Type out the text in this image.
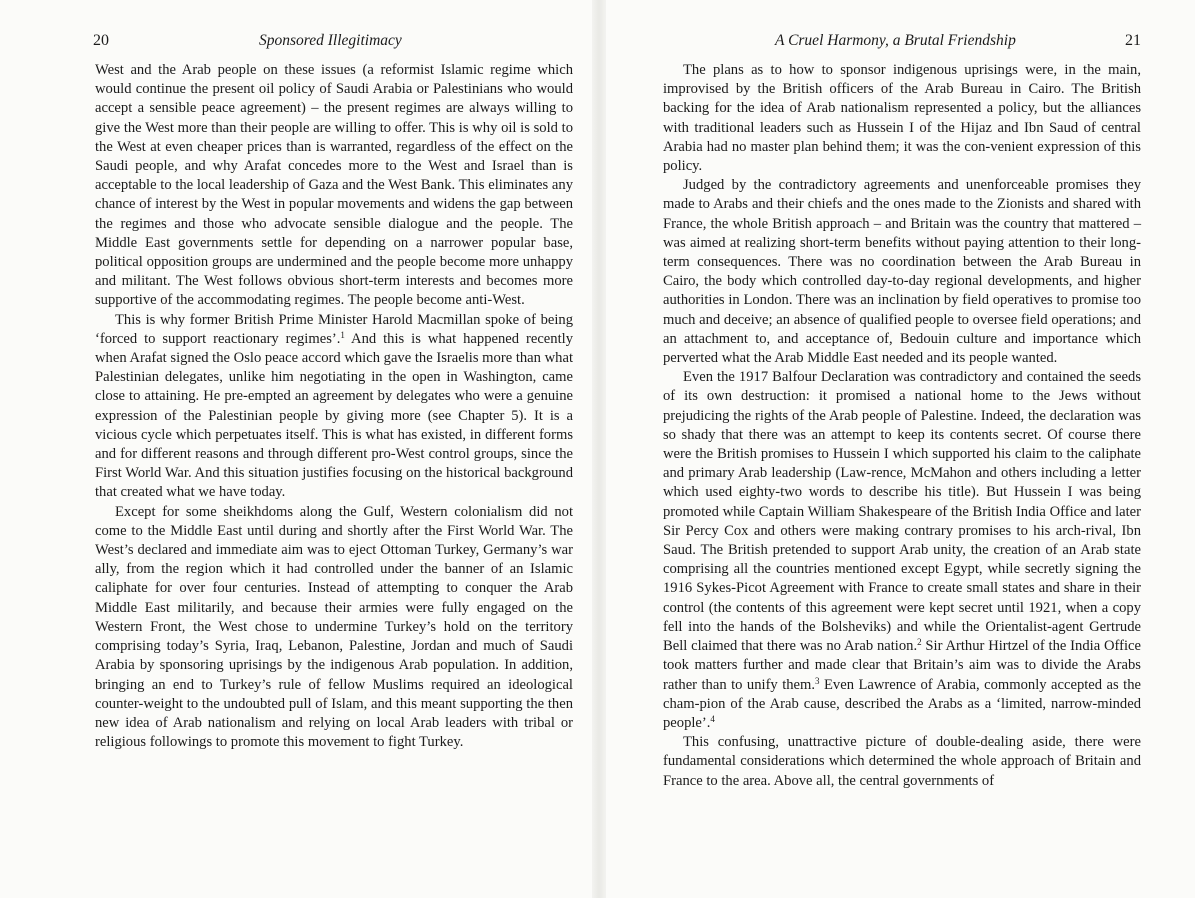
20	Sponsored Illegitimacy

West and the Arab people on these issues (a reformist Islamic regime which would continue the present oil policy of Saudi Arabia or Palestinians who would accept a sensible peace agreement) – the present regimes are always willing to give the West more than their people are willing to offer. This is why oil is sold to the West at even cheaper prices than is warranted, regardless of the effect on the Saudi people, and why Arafat concedes more to the West and Israel than is acceptable to the local leadership of Gaza and the West Bank. This eliminates any chance of interest by the West in popular movements and widens the gap between the regimes and those who advocate sensible dialogue and the people. The Middle East governments settle for depending on a narrower popular base, political opposition groups are undermined and the people become more unhappy and militant. The West follows obvious short-term interests and becomes more supportive of the accommodating regimes. The people become anti-West.

This is why former British Prime Minister Harold Macmillan spoke of being ‘forced to support reactionary regimes’.$^1$ And this is what happened recently when Arafat signed the Oslo peace accord which gave the Israelis more than what Palestinian delegates, unlike him negotiating in the open in Washington, came close to attaining. He pre-empted an agreement by delegates who were a genuine expression of the Palestinian people by giving more (see Chapter 5). It is a vicious cycle which perpetuates itself. This is what has existed, in different forms and for different reasons and through different pro-West control groups, since the First World War. And this situation justifies focusing on the historical background that created what we have today.

Except for some sheikhdoms along the Gulf, Western colonialism did not come to the Middle East until during and shortly after the First World War. The West’s declared and immediate aim was to eject Ottoman Turkey, Germany’s war ally, from the region which it had controlled under the banner of an Islamic caliphate for over four centuries. Instead of attempting to conquer the Arab Middle East militarily, and because their armies were fully engaged on the Western Front, the West chose to undermine Turkey’s hold on the territory comprising today’s Syria, Iraq, Lebanon, Palestine, Jordan and much of Saudi Arabia by sponsoring uprisings by the indigenous Arab population. In addition, bringing an end to Turkey’s rule of fellow Muslims required an ideological counter-weight to the undoubted pull of Islam, and this meant supporting the then new idea of Arab nationalism and relying on local Arab leaders with tribal or religious followings to promote this movement to fight Turkey.

A Cruel Harmony, a Brutal Friendship	21

The plans as to how to sponsor indigenous uprisings were, in the main, improvised by the British officers of the Arab Bureau in Cairo. The British backing for the idea of Arab nationalism represented a policy, but the alliances with traditional leaders such as Hussein I of the Hijaz and Ibn Saud of central Arabia had no master plan behind them; it was the con-venient expression of this policy.

Judged by the contradictory agreements and unenforceable promises they made to Arabs and their chiefs and the ones made to the Zionists and shared with France, the whole British approach – and Britain was the country that mattered – was aimed at realizing short-term benefits without paying attention to their long-term consequences. There was no coordination between the Arab Bureau in Cairo, the body which controlled day-to-day regional developments, and higher authorities in London. There was an inclination by field operatives to promise too much and deceive; an absence of qualified people to oversee field operations; and an attachment to, and acceptance of, Bedouin culture and importance which perverted what the Arab Middle East needed and its people wanted.

Even the 1917 Balfour Declaration was contradictory and contained the seeds of its own destruction: it promised a national home to the Jews without prejudicing the rights of the Arab people of Palestine. Indeed, the declaration was so shady that there was an attempt to keep its contents secret. Of course there were the British promises to Hussein I which supported his claim to the caliphate and primary Arab leadership (Law-rence, McMahon and others including a letter which used eighty-two words to describe his title). But Hussein I was being promoted while Captain William Shakespeare of the British India Office and later Sir Percy Cox and others were making contrary promises to his arch-rival, Ibn Saud. The British pretended to support Arab unity, the creation of an Arab state comprising all the countries mentioned except Egypt, while secretly signing the 1916 Sykes-Picot Agreement with France to create small states and share in their control (the contents of this agreement were kept secret until 1921, when a copy fell into the hands of the Bolsheviks) and while the Orientalist-agent Gertrude Bell claimed that there was no Arab nation.$^2$ Sir Arthur Hirtzel of the India Office took matters further and made clear that Britain’s aim was to divide the Arabs rather than to unify them.$^3$ Even Lawrence of Arabia, commonly accepted as the cham-pion of the Arab cause, described the Arabs as a ‘limited, narrow-minded people’.$^4$

This confusing, unattractive picture of double-dealing aside, there were fundamental considerations which determined the whole approach of Britain and France to the area. Above all, the central governments of
